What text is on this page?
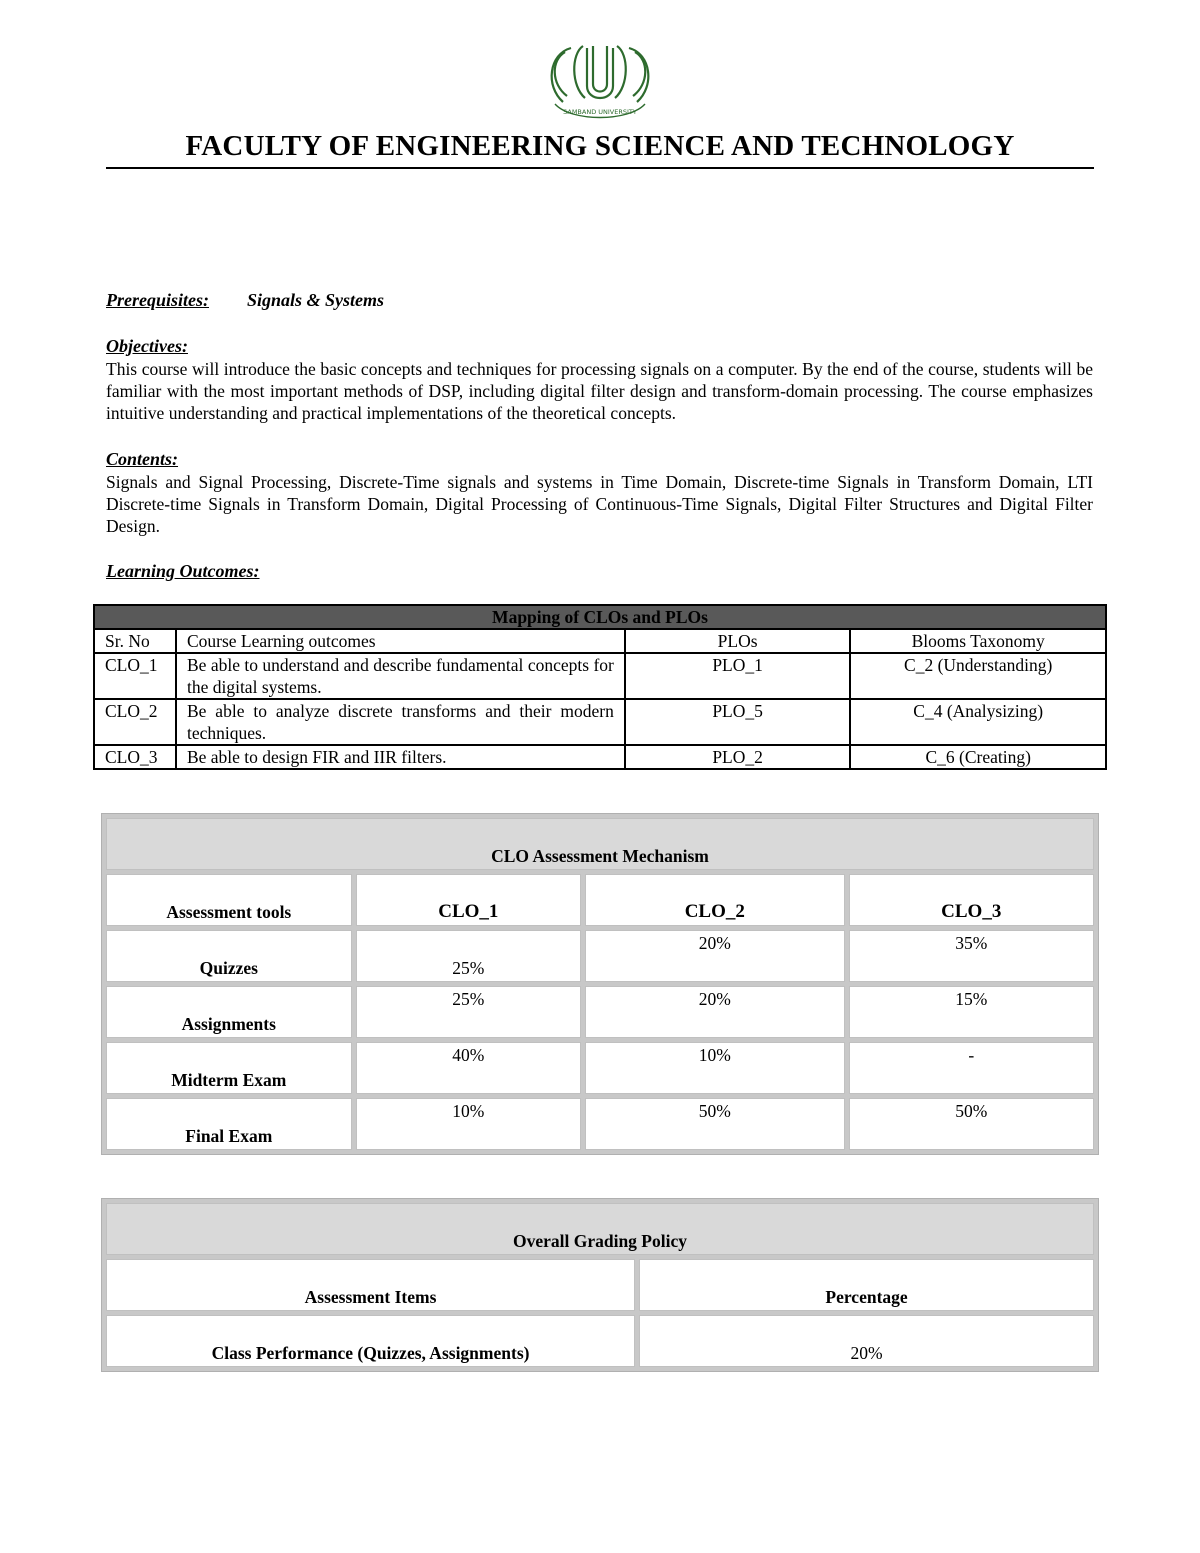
SAMBAND UNIVERSITY
FACULTY OF ENGINEERING SCIENCE AND TECHNOLOGY
Prerequisites: Signals & Systems
Objectives:
This course will introduce the basic concepts and techniques for processing signals on a computer. By the end of the course, students will be familiar with the most important methods of DSP, including digital filter design and transform-domain processing. The course emphasizes intuitive understanding and practical implementations of the theoretical concepts.
Contents:
Signals and Signal Processing, Discrete-Time signals and systems in Time Domain, Discrete-time Signals in Transform Domain, LTI Discrete-time Signals in Transform Domain, Digital Processing of Continuous-Time Signals, Digital Filter Structures and Digital Filter Design.
Learning Outcomes:
Mapping of CLOs and PLOs			
Sr. No	Course Learning outcomes	PLOs	Blooms Taxonomy
CLO_1	Be able to understand and describe fundamental concepts for the digital systems.	PLO_1	C_2 (Understanding)
CLO_2	Be able to analyze discrete transforms and their modern techniques.	PLO_5	C_4 (Analysizing)
CLO_3	Be able to design FIR and IIR filters.	PLO_2	C_6 (Creating)
CLO Assessment Mechanism			

Assessment tools	CLO_1	CLO_2	CLO_3

Quizzes	25%	20%	35%

Assignments	25%	20%	15%

Midterm Exam	40%	10%	-

Final Exam	10%	50%	50%
Overall Grading Policy	

Assessment Items	Percentage

Class Performance (Quizzes, Assignments)	20%
